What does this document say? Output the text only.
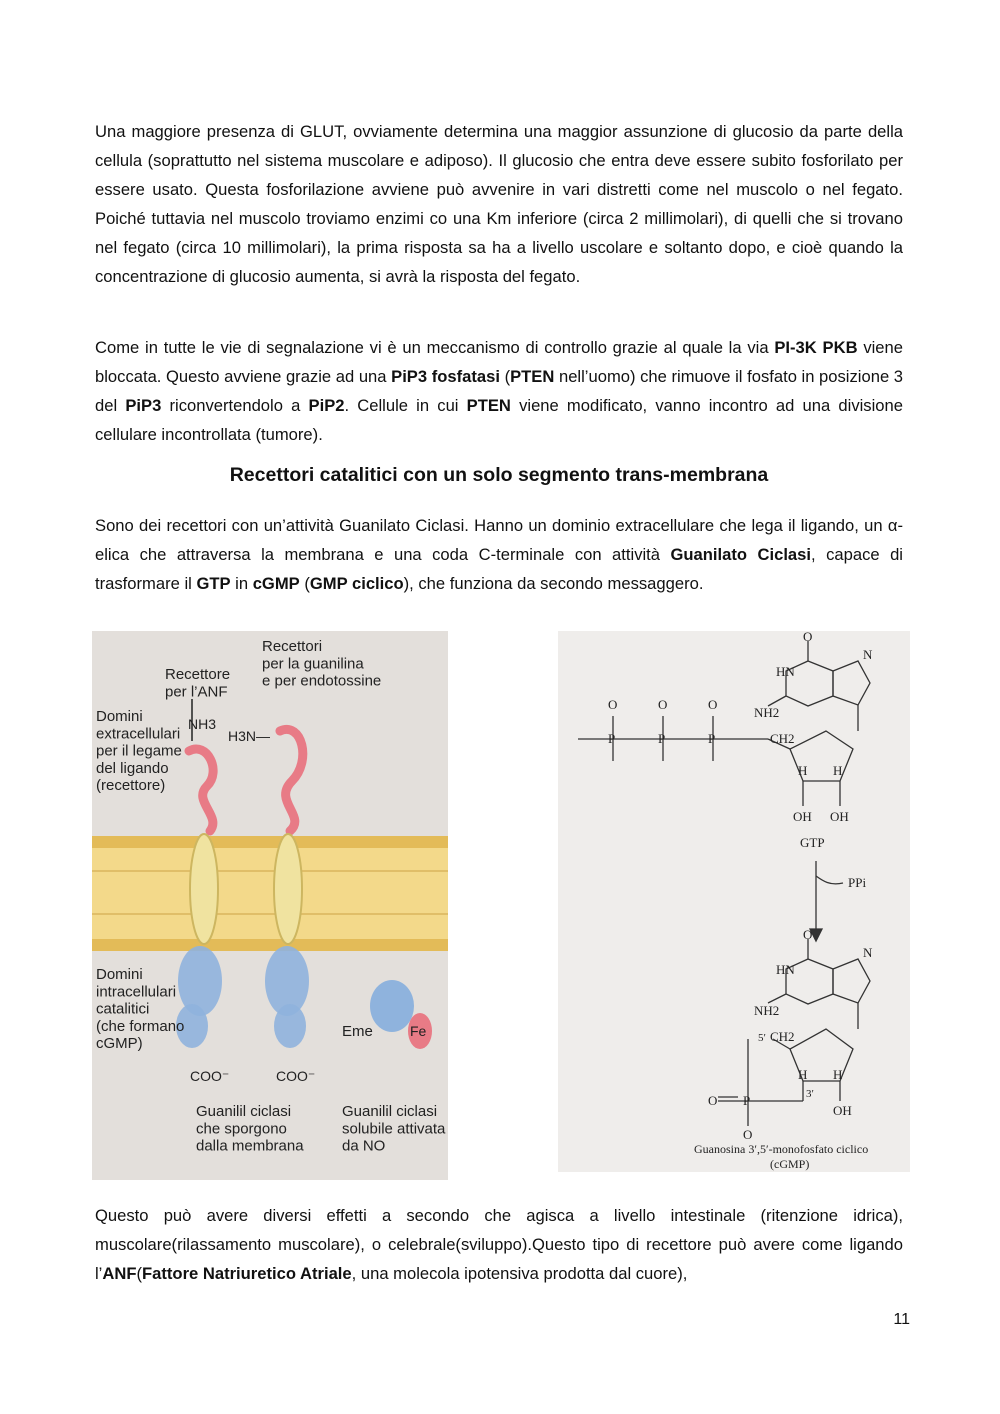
Una maggiore presenza di GLUT, ovviamente determina una maggior assunzione di glucosio da parte della cellula (soprattutto nel sistema muscolare e adiposo). Il glucosio che entra deve essere subito fosforilato per essere usato. Questa fosforilazione avviene può avvenire in vari distretti come nel muscolo o nel fegato. Poiché tuttavia nel muscolo troviamo enzimi co una Km inferiore (circa 2 millimolari), di quelli che si trovano nel fegato (circa 10 millimolari), la prima risposta sa ha a livello uscolare e soltanto dopo, e cioè quando la concentrazione di glucosio aumenta, si avrà la risposta del fegato.

Come in tutte le vie di segnalazione vi è un meccanismo di controllo grazie al quale la via PI-3K PKB viene bloccata. Questo avviene grazie ad una PiP3 fosfatasi (PTEN nell’uomo) che rimuove il fosfato in posizione 3 del PiP3 riconvertendolo a PiP2. Cellule in cui PTEN viene modificato, vanno incontro ad una divisione cellulare incontrollata (tumore).

Recettori catalitici con un solo segmento trans-membrana

Sono dei recettori con un’attività Guanilato Ciclasi. Hanno un dominio extracellulare che lega il ligando, un α-elica che attraversa la membrana e una coda C-terminale con attività Guanilato Ciclasi, capace di trasformare il GTP in cGMP (GMP ciclico), che funziona da secondo messaggero.

Recettore per l’ANF
Recettori per la guanilina e per endotossine
NH3
H3N—
Domini extracellulari per il legame del ligando (recettore)
Domini intracellulari catalitici (che formano cGMP)
COO⁻	COO⁻
Eme	Fe
Guanilil ciclasi che sporgono dalla membrana
Guanilil ciclasi solubile attivata da NO
O
HN
N
NH2
O	O	O
P	P	P	CH2
OH OH
H H
GTP
PPi
O
HN
N
NH2
CH2
5′
H H
3′
OH
O P
O
Guanosina 3′,5′-monofosfato ciclico
(cGMP)

Questo può avere diversi effetti a secondo che agisca a livello intestinale (ritenzione idrica), muscolare(rilassamento muscolare), o celebrale(sviluppo).Questo tipo di recettore può avere come ligando l’ANF(Fattore Natriuretico Atriale, una molecola ipotensiva prodotta dal cuore),

11
